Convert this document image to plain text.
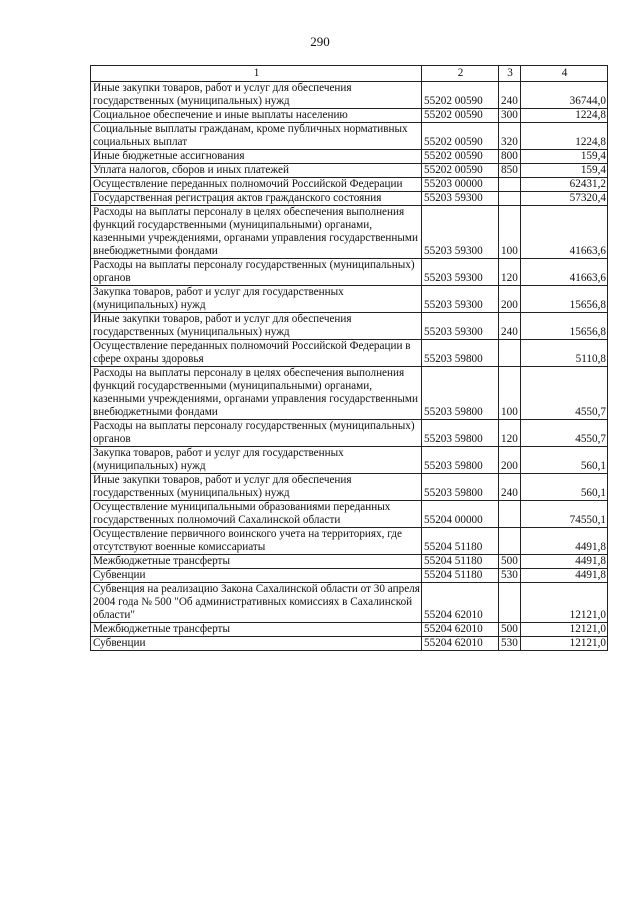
290
1	2	3	4
Иные закупки товаров, работ и услуг для обеспечения государственных (муниципальных) нужд	55202 00590	240	36744,0
Социальное обеспечение и иные выплаты населению	55202 00590	300	1224,8
Социальные выплаты гражданам, кроме публичных нормативных социальных выплат	55202 00590	320	1224,8
Иные бюджетные ассигнования	55202 00590	800	159,4
Уплата налогов, сборов и иных платежей	55202 00590	850	159,4
Осуществление переданных полномочий Российской Федерации	55203 00000		62431,2
Государственная регистрация актов гражданского состояния	55203 59300		57320,4
Расходы на выплаты персоналу в целях обеспечения выполнения функций государственными (муниципальными) органами, казенными учреждениями, органами управления государственными внебюджетными фондами	55203 59300	100	41663,6
Расходы на выплаты персоналу государственных (муниципальных) органов	55203 59300	120	41663,6
Закупка товаров, работ и услуг для государственных (муниципальных) нужд	55203 59300	200	15656,8
Иные закупки товаров, работ и услуг для обеспечения государственных (муниципальных) нужд	55203 59300	240	15656,8
Осуществление переданных полномочий Российской Федерации в сфере охраны здоровья	55203 59800		5110,8
Расходы на выплаты персоналу в целях обеспечения выполнения функций государственными (муниципальными) органами, казенными учреждениями, органами управления государственными внебюджетными фондами	55203 59800	100	4550,7
Расходы на выплаты персоналу государственных (муниципальных) органов	55203 59800	120	4550,7
Закупка товаров, работ и услуг для государственных (муниципальных) нужд	55203 59800	200	560,1
Иные закупки товаров, работ и услуг для обеспечения государственных (муниципальных) нужд	55203 59800	240	560,1
Осуществление муниципальными образованиями переданных государственных полномочий Сахалинской области	55204 00000		74550,1
Осуществление первичного воинского учета на территориях, где отсутствуют военные комиссариаты	55204 51180		4491,8
Межбюджетные трансферты	55204 51180	500	4491,8
Субвенции	55204 51180	530	4491,8
Субвенция на реализацию Закона Сахалинской области от 30 апреля 2004 года № 500 "Об административных комиссиях в Сахалинской области"	55204 62010		12121,0
Межбюджетные трансферты	55204 62010	500	12121,0
Субвенции	55204 62010	530	12121,0
